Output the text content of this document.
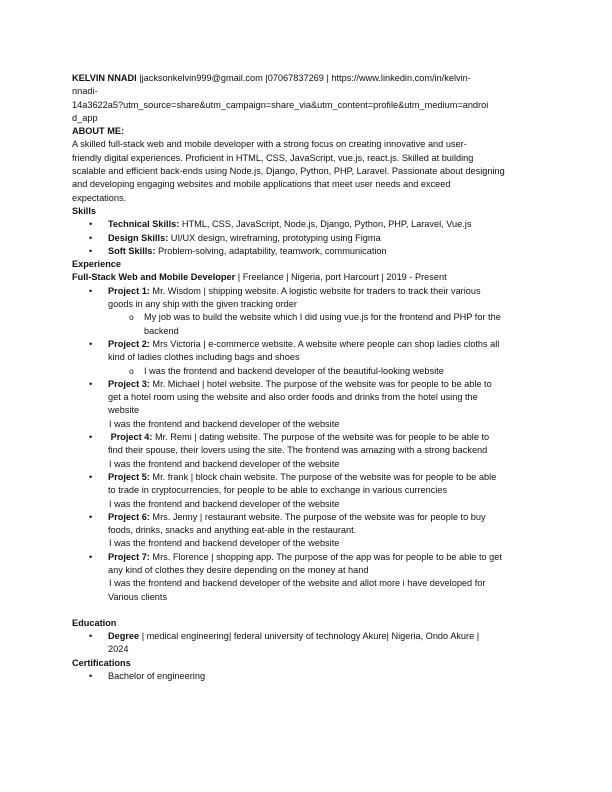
KELVIN NNADI |jacksonkelvin999@gmail.com |07067837269 | https://www.linkedin.com/in/kelvin-
nnadi-
14a3622a5?utm_source=share&utm_campaign=share_via&utm_content=profile&utm_medium=androi
d_app
ABOUT ME:
A skilled full-stack web and mobile developer with a strong focus on creating innovative and user-
friendly digital experiences. Proficient in HTML, CSS, JavaScript, vue.js, react.js. Skilled at building
scalable and efficient back-ends using Node.js, Django, Python, PHP, Laravel. Passionate about designing
and developing engaging websites and mobile applications that meet user needs and exceed
expectations.
Skills
• Technical Skills: HTML, CSS, JavaScript, Node.js, Django, Python, PHP, Laravel, Vue.js
• Design Skills: UI/UX design, wireframing, prototyping using Figma
• Soft Skills: Problem-solving, adaptability, teamwork, communication
Experience
Full-Stack Web and Mobile Developer | Freelance | Nigeria, port Harcourt | 2019 - Present
• Project 1: Mr. Wisdom | shipping website. A logistic website for traders to track their various
goods in any ship with the given tracking order
o My job was to build the website which I did using vue.js for the frontend and PHP for the
backend
• Project 2: Mrs Victoria | e-commerce website. A website where people can shop ladies cloths all
kind of ladies clothes including bags and shoes
o I was the frontend and backend developer of the beautiful-looking website
• Project 3: Mr. Michael | hotel website. The purpose of the website was for people to be able to
get a hotel room using the website and also order foods and drinks from the hotel using the
website
I was the frontend and backend developer of the website
• Project 4: Mr. Remi | dating website. The purpose of the website was for people to be able to
find their spouse, their lovers using the site. The frontend was amazing with a strong backend
I was the frontend and backend developer of the website
• Project 5: Mr. frank | block chain website. The purpose of the website was for people to be able
to trade in cryptocurrencies, for people to be able to exchange in various currencies
I was the frontend and backend developer of the website
• Project 6: Mrs. Jenny | restaurant website. The purpose of the website was for people to buy
foods, drinks, snacks and anything eat-able in the restaurant.
I was the frontend and backend developer of the website
• Project 7: Mrs. Florence | shopping app. The purpose of the app was for people to be able to get
any kind of clothes they desire depending on the money at hand
I was the frontend and backend developer of the website and allot more i have developed for
Various clients
Education
• Degree | medical engineering| federal university of technology Akure| Nigeria, Ondo Akure |
2024
Certifications
• Bachelor of engineering
